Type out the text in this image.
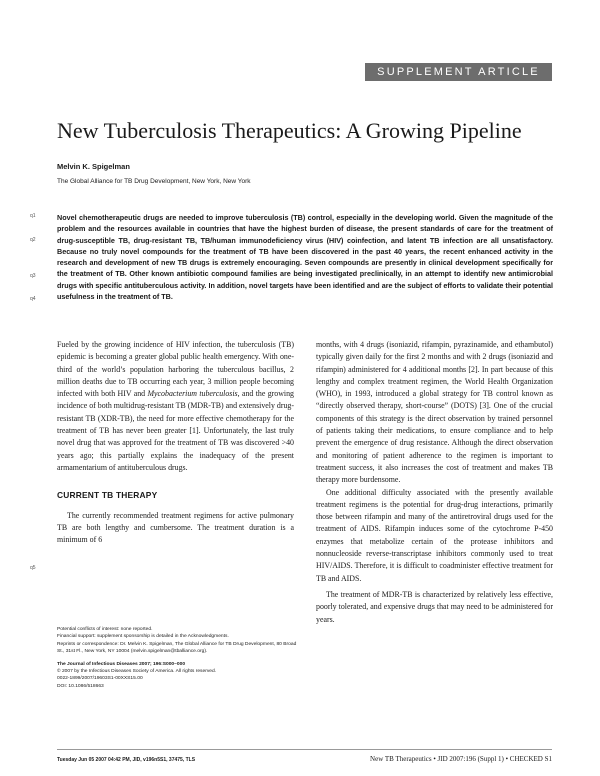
SUPPLEMENT ARTICLE
New Tuberculosis Therapeutics: A Growing Pipeline
Melvin K. Spigelman
The Global Alliance for TB Drug Development, New York, New York
q1
q2
q3
q4
q5

Novel chemotherapeutic drugs are needed to improve tuberculosis (TB) control, especially in the developing world. Given the magnitude of the problem and the resources available in countries that have the highest burden of disease, the present standards of care for the treatment of drug-susceptible TB, drug-resistant TB, TB/human immunodeficiency virus (HIV) coinfection, and latent TB infection are all unsatisfactory. Because no truly novel compounds for the treatment of TB have been discovered in the past 40 years, the recent enhanced activity in the research and development of new TB drugs is extremely encouraging. Seven compounds are presently in clinical development specifically for the treatment of TB. Other known antibiotic compound families are being investigated preclinically, in an attempt to identify new antimicrobial drugs with specific antituberculous activity. In addition, novel targets have been identified and are the subject of efforts to validate their potential usefulness in the treatment of TB.

Fueled by the growing incidence of HIV infection, the tuberculosis (TB) epidemic is becoming a greater global public health emergency. With one-third of the world’s population harboring the tuberculous bacillus, 2 million deaths due to TB occurring each year, 3 million people becoming infected with both HIV and Mycobacterium tuberculosis, and the growing incidence of both multidrug-resistant TB (MDR-TB) and extensively drug-resistant TB (XDR-TB), the need for more effective chemotherapy for the treatment of TB has never been greater [1]. Unfortunately, the last truly novel drug that was approved for the treatment of TB was discovered >40 years ago; this partially explains the inadequacy of the present armamentarium of antituberculous drugs.

CURRENT TB THERAPY

The currently recommended treatment regimens for active pulmonary TB are both lengthy and cumbersome. The treatment duration is a minimum of 6

months, with 4 drugs (isoniazid, rifampin, pyrazinamide, and ethambutol) typically given daily for the first 2 months and with 2 drugs (isoniazid and rifampin) administered for 4 additional months [2]. In part because of this lengthy and complex treatment regimen, the World Health Organization (WHO), in 1993, introduced a global strategy for TB control known as “directly observed therapy, short-course” (DOTS) [3]. One of the crucial components of this strategy is the direct observation by trained personnel of patients taking their medications, to ensure compliance and to help prevent the emergence of drug resistance. Although the direct observation and monitoring of patient adherence to the regimen is important to treatment success, it also increases the cost of treatment and makes TB therapy more burdensome.

One additional difficulty associated with the presently available treatment regimens is the potential for drug-drug interactions, primarily those between rifampin and many of the antiretroviral drugs used for the treatment of AIDS. Rifampin induces some of the cytochrome P-450 enzymes that metabolize certain of the protease inhibitors and nonnucleoside reverse-transcriptase inhibitors commonly used to treat HIV/AIDS. Therefore, it is difficult to coadminister effective treatment for TB and AIDS.

The treatment of MDR-TB is characterized by relatively less effective, poorly tolerated, and expensive drugs that may need to be administered for years.

Potential conflicts of interest: none reported.

Financial support: supplement sponsorship is detailed in the Acknowledgments.

Reprints or correspondence: Dr. Melvin K. Spigelman, The Global Alliance for TB Drug Development, 80 Broad St., 31st Fl., New York, NY 10004 (melvin.spigelman@tballiance.org).

The Journal of Infectious Diseases 2007; 196:S000–000

© 2007 by the Infectious Diseases Society of America. All rights reserved.

0022-1899/2007/19603S1-00XXS15.00

DOI: 10.1086/518663

Tuesday Jun 05 2007 04:42 PM, JID, v196n5S1, 37475, TLS	New TB Therapeutics • JID 2007:196 (Suppl 1) • CHECKED S1
